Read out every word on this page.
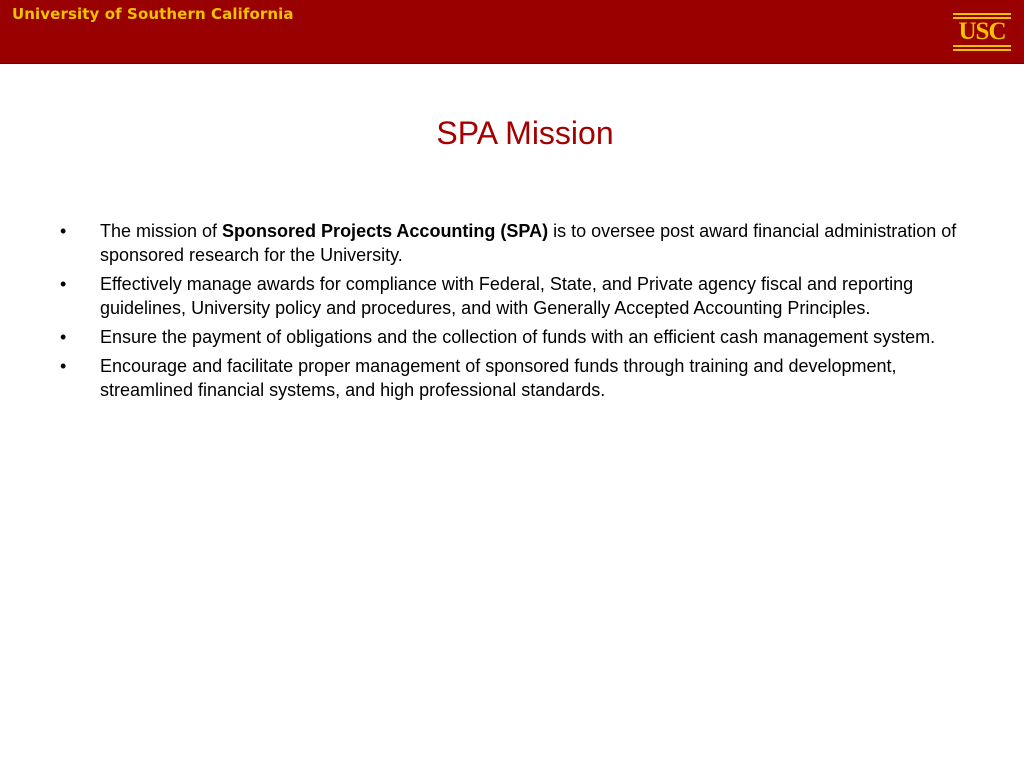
University of Southern California
USC
SPA Mission
• The mission of Sponsored Projects Accounting (SPA) is to oversee post award financial administration of sponsored research for the University.
• Effectively manage awards for compliance with Federal, State, and Private agency fiscal and reporting guidelines, University policy and procedures, and with Generally Accepted Accounting Principles.
• Ensure the payment of obligations and the collection of funds with an efficient cash management system.
• Encourage and facilitate proper management of sponsored funds through training and development, streamlined financial systems, and high professional standards.
